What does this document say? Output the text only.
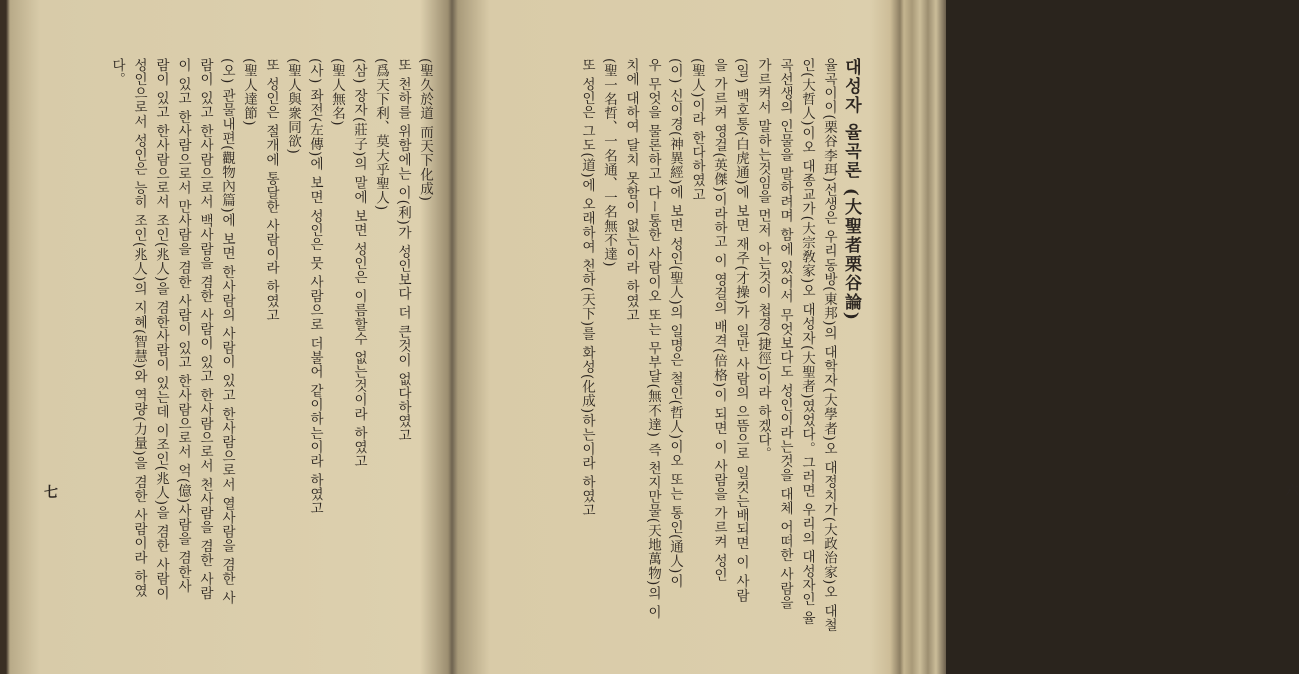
대성자 율곡론 (大聖者栗谷論)
율곡이이(栗谷李珥)선생은 우리동방(東邦)의 대학자(大學者)오 대정치가(大政治家)오 대철
인(大哲人)이오 대종교가(大宗敎家)오 대성자(大聖者)였었다。그러면 우리의 대성자인 율
곡선생의 인물을 말하려며 함에 있어서 무엇보다도 성인이라는것을 대체 어떠한 사람을
가르켜서 말하는것임을 먼저 아는것이 첩경(捷徑)이라 하겠다。
(일) 백호통(白虎通)에 보면 재주(才操)가 일만 사람의 으뜸으로 일컷는배되면 이 사람
을 가르켜 영걸(英傑)이라하고 이 영걸의 배격(倍格)이 되면 이 사람을 가르켜 성인
(聖人)이라 한다하였고
(이) 신이경(神異經)에 보면 성인(聖人)의 일명은 철인(哲人)이오 또는 통인(通人)이
우 무엇을 물론하고 다ー통한 사람이오 또는 무부달(無不達) 즉 천지만물(天地萬物)의 이
치에 대하여 달치 못함이 없는이라 하였고
(聖一名哲、一名通、一名無不達)
또 성인은 그도(道)에 오래하여 천하(天下)를 화성(化成)하는이라 하였고	六
(聖久於道 而天下化成)
또 천하를 위함에는 이(利)가 성인보다 더 큰것이 없다하였고
(爲天下利、莫大乎聖人)
(삼) 장자(莊子)의 말에 보면 성인은 이름할수 없는것이라 하였고
(聖人無名)
(사) 좌전(左傳)에 보면 성인은 뭇 사람으로 더불어 같이하는이라 하였고
(聖人與衆同欲)
또 성인은 절개에 통달한 사람이라 하였고
(聖人達節)
(오) 관물내편(觀物內篇)에 보면 한사람의 사람이 있고 한사람으로서 열사람을 겸한 사
람이 있고 한사람으로서 백사람을 겸한 사람이 있고 한사람으로서 천사람을 겸한 사람
이 있고 한사람으로서 만사람을 겸한 사람이 있고 한사람으로서 억(億)사람을 겸한사
람이 있고 한사람으로서 조인(兆人)을 겸한사람이 있는데 이조인(兆人)을 겸한 사람이
성인으로서 성인은 능히 조인(兆人)의 지혜(智慧)와 역량(力量)을 겸한 사람이라 하였
다。
七
